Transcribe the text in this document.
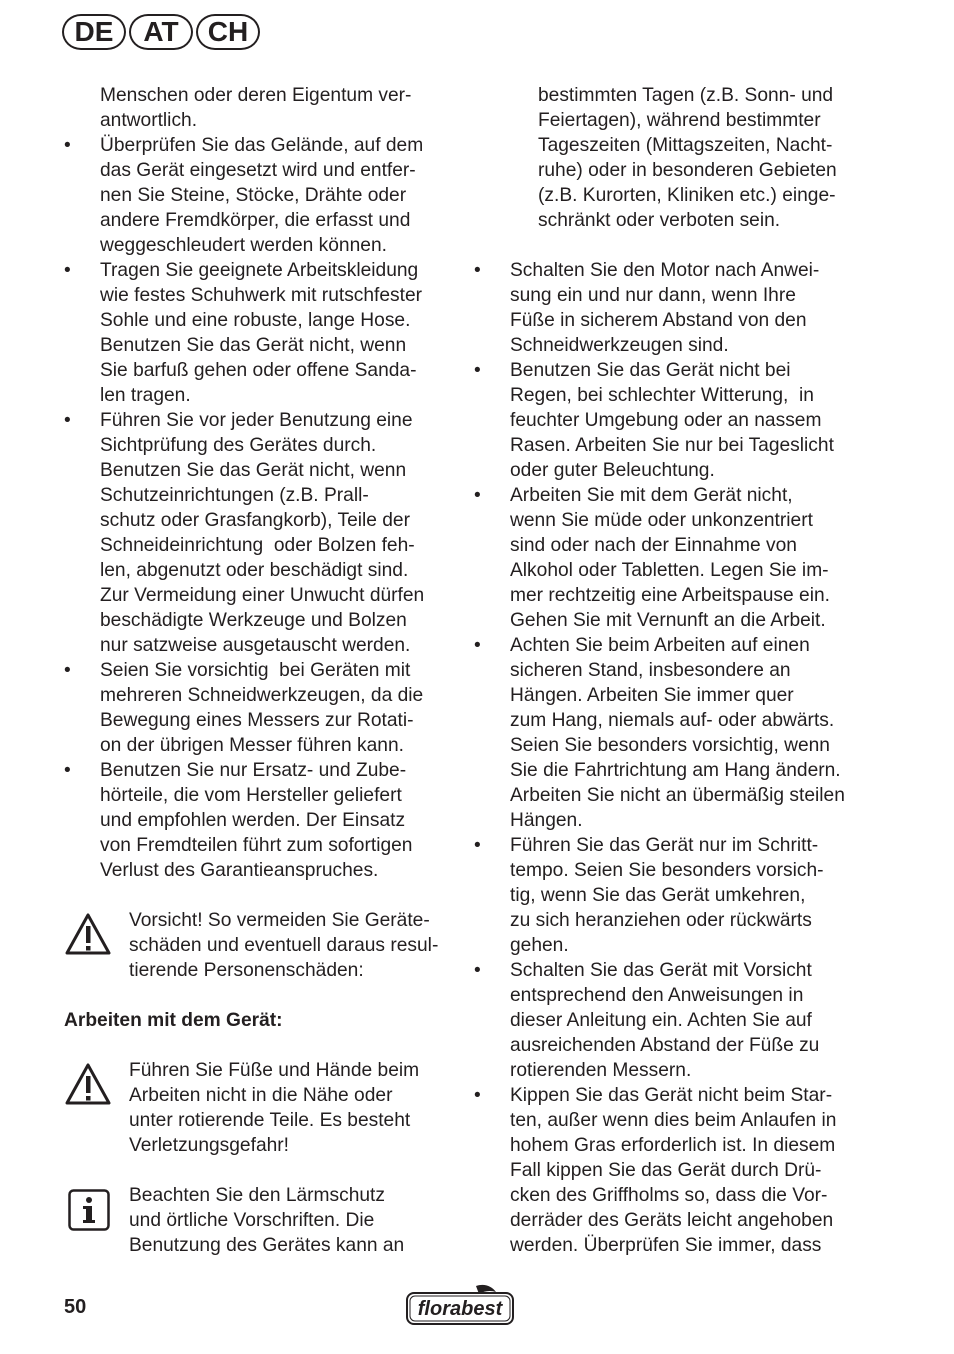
DE	AT	CH

Menschen oder deren Eigentum ver-
antwortlich.

• Überprüfen Sie das Gelände, auf dem
das Gerät eingesetzt wird und entfer-
nen Sie Steine, Stöcke, Drähte oder
andere Fremdkörper, die erfasst und
weggeschleudert werden können.

• Tragen Sie geeignete Arbeitskleidung
wie festes Schuhwerk mit rutschfester
Sohle und eine robuste, lange Hose.
Benutzen Sie das Gerät nicht, wenn
Sie barfuß gehen oder offene Sanda-
len tragen.

• Führen Sie vor jeder Benutzung eine
Sichtprüfung des Gerätes durch.
Benutzen Sie das Gerät nicht, wenn
Schutzeinrichtungen (z.B. Prall-
schutz oder Grasfangkorb), Teile der
Schneideinrichtung  oder Bolzen feh-
len, abgenutzt oder beschädigt sind.
Zur Vermeidung einer Unwucht dürfen
beschädigte Werkzeuge und Bolzen
nur satzweise ausgetauscht werden.

• Seien Sie vorsichtig  bei Geräten mit
mehreren Schneidwerkzeugen, da die
Bewegung eines Messers zur Rotati-
on der übrigen Messer führen kann.

• Benutzen Sie nur Ersatz- und Zube-
hörteile, die vom Hersteller geliefert
und empfohlen werden. Der Einsatz
von Fremdteilen führt zum sofortigen
Verlust des Garantieanspruches.

Vorsicht! So vermeiden Sie Geräte-
schäden und eventuell daraus resul-
tierende Personenschäden:

Arbeiten mit dem Gerät:

Führen Sie Füße und Hände beim
Arbeiten nicht in die Nähe oder
unter rotierende Teile. Es besteht
Verletzungsgefahr!

Beachten Sie den Lärmschutz
und örtliche Vorschriften. Die
Benutzung des Gerätes kann an

bestimmten Tagen (z.B. Sonn- und
Feiertagen), während bestimmter
Tageszeiten (Mittagszeiten, Nacht-
ruhe) oder in besonderen Gebieten
(z.B. Kurorten, Kliniken etc.) einge-
schränkt oder verboten sein.

• Schalten Sie den Motor nach Anwei-
sung ein und nur dann, wenn Ihre
Füße in sicherem Abstand von den
Schneidwerkzeugen sind.

• Benutzen Sie das Gerät nicht bei
Regen, bei schlechter Witterung,  in
feuchter Umgebung oder an nassem
Rasen. Arbeiten Sie nur bei Tageslicht
oder guter Beleuchtung.

• Arbeiten Sie mit dem Gerät nicht,
wenn Sie müde oder unkonzentriert
sind oder nach der Einnahme von
Alkohol oder Tabletten. Legen Sie im-
mer rechtzeitig eine Arbeitspause ein.
Gehen Sie mit Vernunft an die Arbeit.

• Achten Sie beim Arbeiten auf einen
sicheren Stand, insbesondere an
Hängen. Arbeiten Sie immer quer
zum Hang, niemals auf- oder abwärts.
Seien Sie besonders vorsichtig, wenn
Sie die Fahrtrichtung am Hang ändern.
Arbeiten Sie nicht an übermäßig steilen
Hängen.

• Führen Sie das Gerät nur im Schritt-
tempo. Seien Sie besonders vorsich-
tig, wenn Sie das Gerät umkehren,
zu sich heranziehen oder rückwärts
gehen.

• Schalten Sie das Gerät mit Vorsicht
entsprechend den Anweisungen in
dieser Anleitung ein. Achten Sie auf
ausreichenden Abstand der Füße zu
rotierenden Messern.

• Kippen Sie das Gerät nicht beim Star-
ten, außer wenn dies beim Anlaufen in
hohem Gras erforderlich ist. In diesem
Fall kippen Sie das Gerät durch Drü-
cken des Griffholms so, dass die Vor-
derräder des Geräts leicht angehoben
werden. Überprüfen Sie immer, dass

50	florabest
